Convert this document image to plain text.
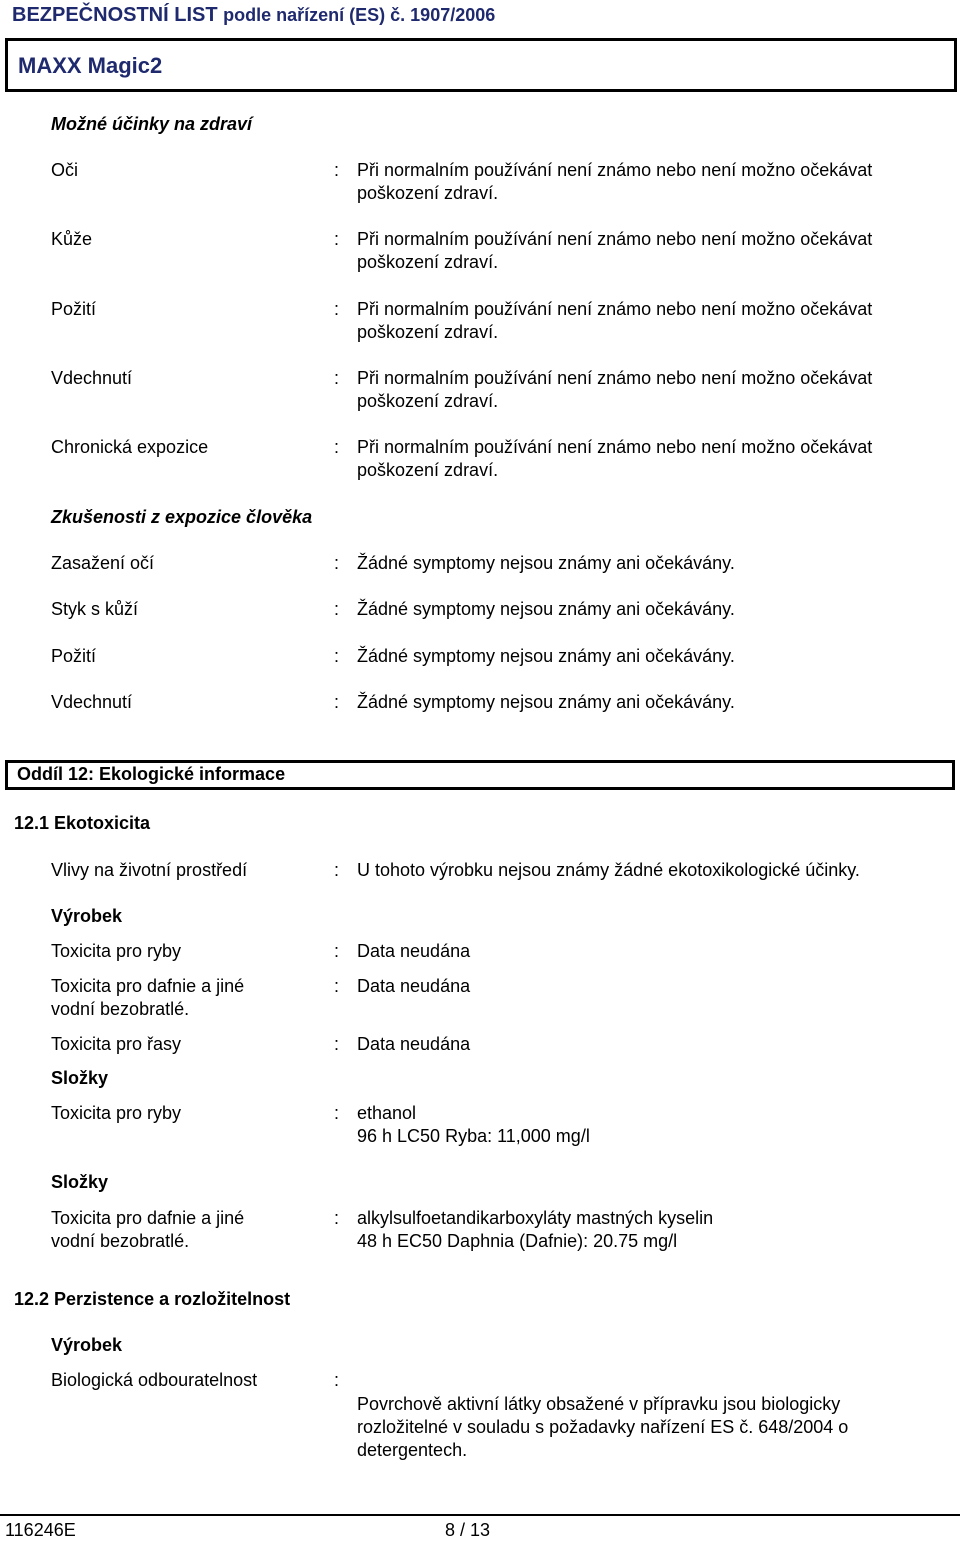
BEZPEČNOSTNÍ LIST podle nařízení (ES) č. 1907/2006
MAXX Magic2
Možné účinky na zdraví
Oči	: Při normalním používání není známo nebo není možno očekávat
poškození zdraví.
Kůže	: Při normalním používání není známo nebo není možno očekávat
poškození zdraví.
Požití	: Při normalním používání není známo nebo není možno očekávat
poškození zdraví.
Vdechnutí	: Při normalním používání není známo nebo není možno očekávat
poškození zdraví.
Chronická expozice	: Při normalním používání není známo nebo není možno očekávat
poškození zdraví.
Zkušenosti z expozice člověka
Zasažení očí	: Žádné symptomy nejsou známy ani očekávány.
Styk s kůží	: Žádné symptomy nejsou známy ani očekávány.
Požití	: Žádné symptomy nejsou známy ani očekávány.
Vdechnutí	: Žádné symptomy nejsou známy ani očekávány.
Oddíl 12: Ekologické informace
12.1 Ekotoxicita
Vlivy na životní prostředí	: U tohoto výrobku nejsou známy žádné ekotoxikologické účinky.
Výrobek
Toxicita pro ryby	: Data neudána
Toxicita pro dafnie a jiné
vodní bezobratlé.
: Data neudána
Toxicita pro řasy	: Data neudána
Složky
Toxicita pro ryby	: ethanol
96 h LC50 Ryba: 11,000 mg/l
Složky
Toxicita pro dafnie a jiné
vodní bezobratlé.
: alkylsulfoetandikarboxyláty mastných kyselin
48 h EC50 Daphnia (Dafnie): 20.75 mg/l
12.2 Perzistence a rozložitelnost
Výrobek
Biologická odbouratelnost	:
Povrchově aktivní látky obsažené v přípravku jsou biologicky
rozložitelné v souladu s požadavky nařízení ES č. 648/2004 o
detergentech.
116246E	8 / 13
